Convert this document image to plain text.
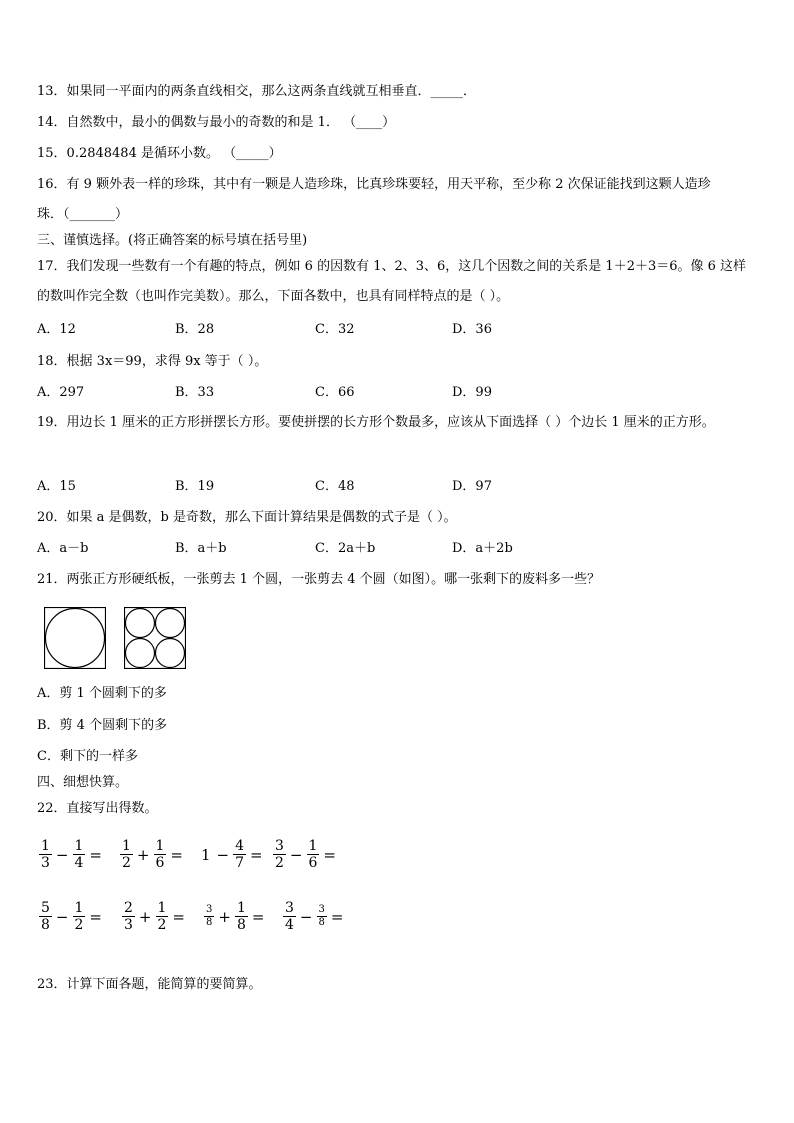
13．如果同一平面内的两条直线相交，那么这两条直线就互相垂直．_____．
14．自然数中，最小的偶数与最小的奇数的和是 1． （____）
15．0.2848484 是循环小数。 （_____）
16．有 9 颗外表一样的珍珠，其中有一颗是人造珍珠，比真珍珠要轻，用天平称，至少称 2 次保证能找到这颗人造珍
珠．（_______）
三、谨慎选择。(将正确答案的标号填在括号里)
17．我们发现一些数有一个有趣的特点，例如 6 的因数有 1、2、3、6，这几个因数之间的关系是 1＋2＋3＝6。像 6 这样的数叫作完全数（也叫作完美数）。那么，下面各数中，也具有同样特点的是（ ）。
A．12	B．28	C．32	D．36
18．根据 3x＝99，求得 9x 等于（ ）。
A．297	B．33	C．66	D．99
19．用边长 1 厘米的正方形拼摆长方形。要使拼摆的长方形个数最多，应该从下面选择（ ）个边长 1 厘米的正方形。
A．15	B．19	C．48	D．97
20．如果 a 是偶数，b 是奇数，那么下面计算结果是偶数的式子是（ ）。
A．a－b	B．a＋b	C．2a＋b	D．a＋2b
21．两张正方形硬纸板，一张剪去 1 个圆，一张剪去 4 个圆（如图）。哪一张剩下的废料多一些？
A．剪 1 个圆剩下的多
B．剪 4 个圆剩下的多
C．剩下的一样多
四、细想快算。
22．直接写出得数。
$\frac{1}{3} - \frac{1}{4} = \frac{1}{2} + \frac{1}{6} = 1 - \frac{4}{7} = \frac{3}{2} - \frac{1}{6}$ =
$\frac{5}{8} - \frac{1}{2} = \frac{2}{3} + \frac{1}{2}$ =	$\frac{3}{8} + \frac{1}{8} = \frac{3}{4} - \frac{3}{8}$ =
23．计算下面各题，能简算的要简算。
